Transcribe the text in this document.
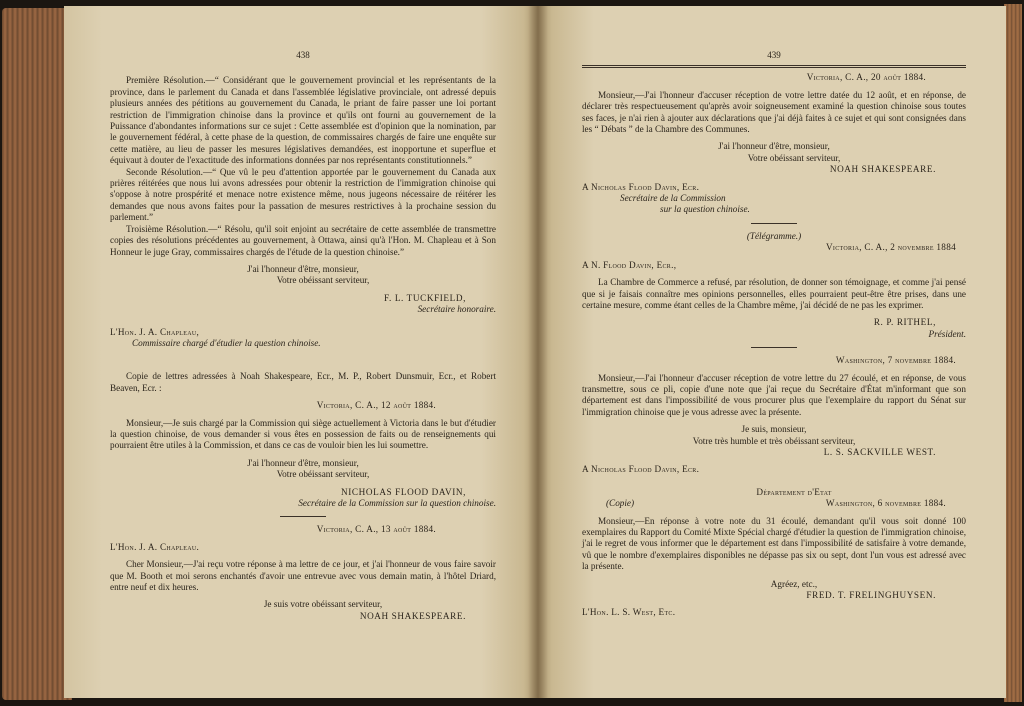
438

Première Résolution.—“ Considérant que le gouvernement provincial et les représentants de la province, dans le parlement du Canada et dans l'assemblée législative provinciale, ont adressé depuis plusieurs années des pétitions au gouvernement du Canada, le priant de faire passer une loi portant restriction de l'immigration chinoise dans la province et qu'ils ont fourni au gouvernement de la Puissance d'abondantes informations sur ce sujet : Cette assemblée est d'opinion que la nomination, par le gouvernement fédéral, à cette phase de la question, de commissaires chargés de faire une enquête sur cette matière, au lieu de passer les mesures législatives demandées, est inopportune et superflue et équivaut à douter de l'exactitude des informations données par nos représentants constitutionnels.”

Seconde Résolution.—“ Que vû le peu d'attention apportée par le gouvernement du Canada aux prières réitérées que nous lui avons adressées pour obtenir la restriction de l'immigration chinoise qui s'oppose à notre prospérité et menace notre existence même, nous jugeons nécessaire de réitérer les demandes que nous avons faites pour la passation de mesures restrictives à la prochaine session du parlement.”

Troisième Résolution.—“ Résolu, qu'il soit enjoint au secrétaire de cette assemblée de transmettre copies des résolutions précédentes au gouvernement, à Ottawa, ainsi qu'à l'Hon. M. Chapleau et à Son Honneur le juge Gray, commissaires chargés de l'étude de la question chinoise.”

J'ai l'honneur d'être, monsieur,

Votre obéissant serviteur,

F. L. TUCKFIELD,

Secrétaire honoraire.

L'Hon. J. A. Chapleau,

Commissaire chargé d'étudier la question chinoise.

Copie de lettres adressées à Noah Shakespeare, Ecr., M. P., Robert Dunsmuir, Ecr., et Robert Beaven, Ecr. :

Victoria, C. A., 12 août 1884.

Monsieur,—Je suis chargé par la Commission qui siège actuellement à Victoria dans le but d'étudier la question chinoise, de vous demander si vous êtes en possession de faits ou de renseignements qui pourraient être utiles à la Commission, et dans ce cas de vouloir bien les lui soumettre.

J'ai l'honneur d'être, monsieur,

Votre obéissant serviteur,

NICHOLAS FLOOD DAVIN,

Secrétaire de la Commission sur la question chinoise.

Victoria, C. A., 13 août 1884.

L'Hon. J. A. Chapleau.

Cher Monsieur,—J'ai reçu votre réponse à ma lettre de ce jour, et j'ai l'honneur de vous faire savoir que M. Booth et moi serons enchantés d'avoir une entrevue avec vous demain matin, à l'hôtel Driard, entre neuf et dix heures.

Je suis votre obéissant serviteur,

NOAH SHAKESPEARE.

439

Victoria, C. A., 20 août 1884.

Monsieur,—J'ai l'honneur d'accuser réception de votre lettre datée du 12 août, et en réponse, de déclarer très respectueusement qu'après avoir soigneusement examiné la question chinoise sous toutes ses faces, je n'ai rien à ajouter aux déclarations que j'ai déjà faites à ce sujet et qui sont consignées dans les “ Débats ” de la Chambre des Communes.

J'ai l'honneur d'être, monsieur,

Votre obéissant serviteur,

NOAH SHAKESPEARE.

A Nicholas Flood Davin, Ecr.

Secrétaire de la Commission

sur la question chinoise.

(Télégramme.)

Victoria, C. A., 2 novembre 1884

A N. Flood Davin, Ecr.,

La Chambre de Commerce a refusé, par résolution, de donner son témoignage, et comme j'ai pensé que si je faisais connaître mes opinions personnelles, elles pourraient peut-être être prises, dans une certaine mesure, comme étant celles de la Chambre même, j'ai décidé de ne pas les exprimer.

R. P. RITHEL,

Président.

Washington, 7 novembre 1884.

Monsieur,—J'ai l'honneur d'accuser réception de votre lettre du 27 écoulé, et en réponse, de vous transmettre, sous ce pli, copie d'une note que j'ai reçue du Secrétaire d'État m'informant que son département est dans l'impossibilité de vous procurer plus que l'exemplaire du rapport du Sénat sur l'immigration chinoise que je vous adresse avec la présente.

Je suis, monsieur,

Votre très humble et très obéissant serviteur,

L. S. SACKVILLE WEST.

A Nicholas Flood Davin, Ecr.

Département d'Etat

(Copie)	Washington, 6 novembre 1884.

Monsieur,—En réponse à votre note du 31 écoulé, demandant qu'il vous soit donné 100 exemplaires du Rapport du Comité Mixte Spécial chargé d'étudier la question de l'immigration chinoise, j'ai le regret de vous informer que le département est dans l'impossibilité de satisfaire à votre demande, vû que le nombre d'exemplaires disponibles ne dépasse pas six ou sept, dont l'un vous est adressé avec la présente.

Agréez, etc.,

FRED. T. FRELINGHUYSEN.

L'Hon. L. S. West, Etc.
